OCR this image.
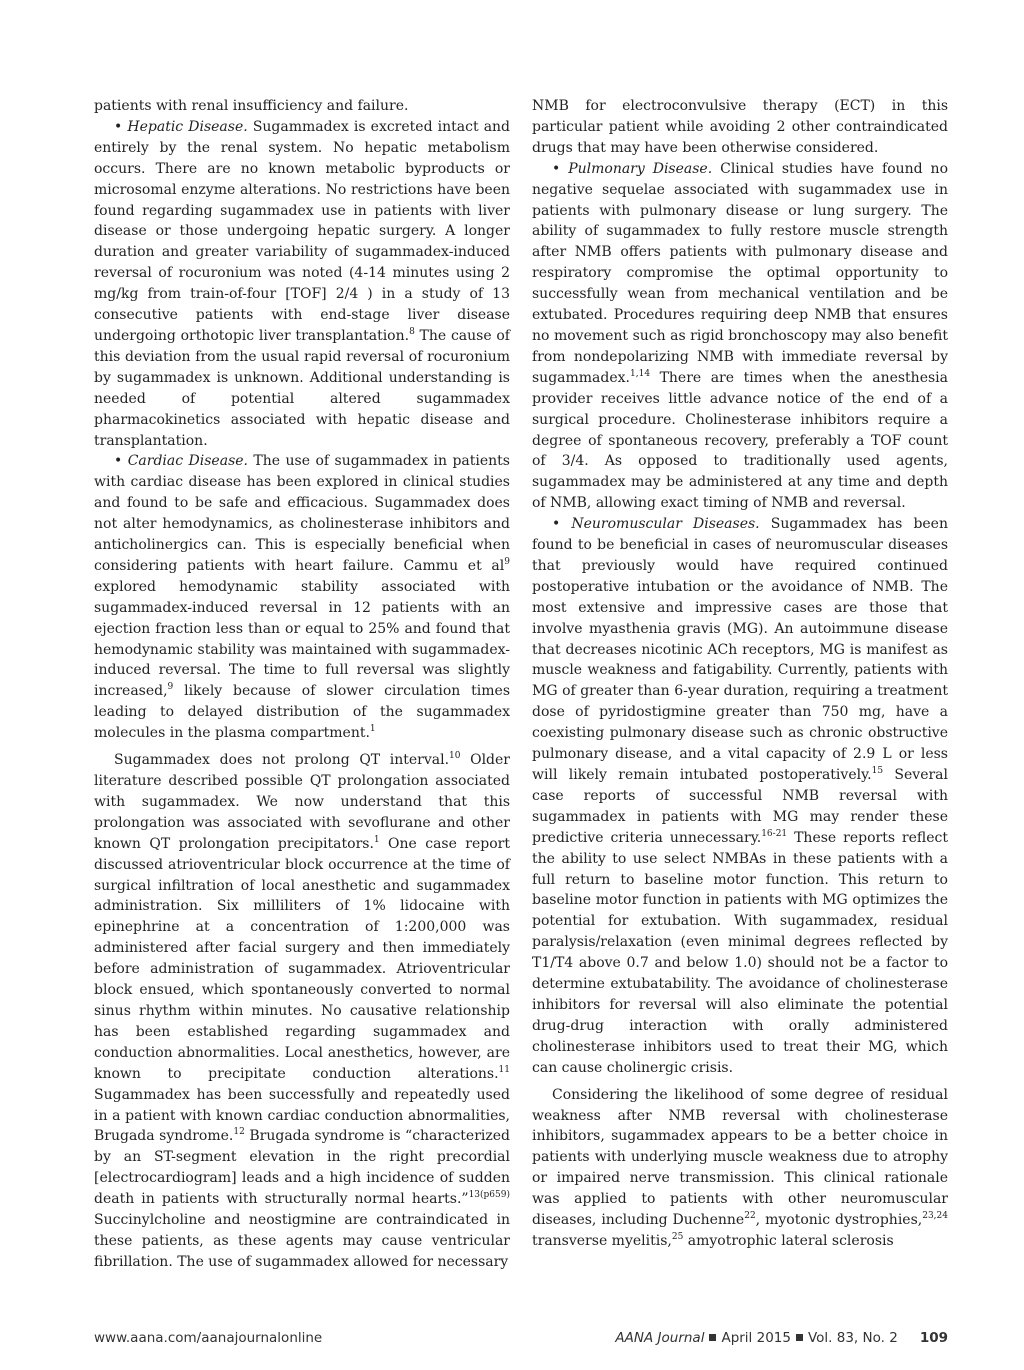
patients with renal insufficiency and failure.

• Hepatic Disease. Sugammadex is excreted intact and entirely by the renal system. No hepatic metabolism occurs. There are no known metabolic byproducts or microsomal enzyme alterations. No restrictions have been found regarding sugammadex use in patients with liver disease or those undergoing hepatic surgery. A longer duration and greater variability of sugammadex-induced reversal of rocuronium was noted (4-14 minutes using 2 mg/kg from train-of-four [TOF] 2/4 ) in a study of 13 consecutive patients with end-stage liver disease undergoing orthotopic liver transplantation.$^8$ The cause of this deviation from the usual rapid reversal of rocuronium by sugammadex is unknown. Additional understanding is needed of potential altered sugammadex pharmacokinetics associated with hepatic disease and transplantation.

• Cardiac Disease. The use of sugammadex in patients with cardiac disease has been explored in clinical studies and found to be safe and efficacious. Sugammadex does not alter hemodynamics, as cholinesterase inhibitors and anticholinergics can. This is especially beneficial when considering patients with heart failure. Cammu et $al^9$ explored hemodynamic stability associated with sugammadex-induced reversal in 12 patients with an ejection fraction less than or equal to 25% and found that hemodynamic stability was maintained with sugammadex-induced reversal. The time to full reversal was slightly increased,$^9$ likely because of slower circulation times leading to delayed distribution of the sugammadex molecules in the plasma compartment.$^1$

Sugammadex does not prolong QT interval.$^{10}$ Older literature described possible QT prolongation associated with sugammadex. We now understand that this prolongation was associated with sevoflurane and other known QT prolongation precipitators.$^1$ One case report discussed atrioventricular block occurrence at the time of surgical infiltration of local anesthetic and sugammadex administration. Six milliliters of 1% lidocaine with epinephrine at a concentration of 1:200,000 was administered after facial surgery and then immediately before administration of sugammadex. Atrioventricular block ensued, which spontaneously converted to normal sinus rhythm within minutes. No causative relationship has been established regarding sugammadex and conduction abnormalities. Local anesthetics, however, are known to precipitate conduction alterations.$^{11}$ Sugammadex has been successfully and repeatedly used in a patient with known cardiac conduction abnormalities, Brugada syndrome.$^{12}$ Brugada syndrome is “characterized by an ST-segment elevation in the right precordial [electrocardiogram] leads and a high incidence of sudden death in patients with structurally normal hearts.”$^{13(p659)}$ Succinylcholine and neostigmine are contraindicated in these patients, as these agents may cause ventricular fibrillation. The use of sugammadex allowed for necessary

NMB for electroconvulsive therapy (ECT) in this particular patient while avoiding 2 other contraindicated drugs that may have been otherwise considered.

• Pulmonary Disease. Clinical studies have found no negative sequelae associated with sugammadex use in patients with pulmonary disease or lung surgery. The ability of sugammadex to fully restore muscle strength after NMB offers patients with pulmonary disease and respiratory compromise the optimal opportunity to successfully wean from mechanical ventilation and be extubated. Procedures requiring deep NMB that ensures no movement such as rigid bronchoscopy may also benefit from nondepolarizing NMB with immediate reversal by sugammadex.$^{1,14}$ There are times when the anesthesia provider receives little advance notice of the end of a surgical procedure. Cholinesterase inhibitors require a degree of spontaneous recovery, preferably a TOF count of 3/4. As opposed to traditionally used agents, sugammadex may be administered at any time and depth of NMB, allowing exact timing of NMB and reversal.

• Neuromuscular Diseases. Sugammadex has been found to be beneficial in cases of neuromuscular diseases that previously would have required continued postoperative intubation or the avoidance of NMB. The most extensive and impressive cases are those that involve myasthenia gravis (MG). An autoimmune disease that decreases nicotinic ACh receptors, MG is manifest as muscle weakness and fatigability. Currently, patients with MG of greater than 6-year duration, requiring a treatment dose of pyridostigmine greater than 750 mg, have a coexisting pulmonary disease such as chronic obstructive pulmonary disease, and a vital capacity of 2.9 L or less will likely remain intubated postoperatively.$^{15}$ Several case reports of successful NMB reversal with sugammadex in patients with MG may render these predictive criteria unnecessary.$^{16-21}$ These reports reflect the ability to use select NMBAs in these patients with a full return to baseline motor function. This return to baseline motor function in patients with MG optimizes the potential for extubation. With sugammadex, residual paralysis/relaxation (even minimal degrees reflected by T1/T4 above 0.7 and below 1.0) should not be a factor to determine extubatability. The avoidance of cholinesterase inhibitors for reversal will also eliminate the potential drug-drug interaction with orally administered cholinesterase inhibitors used to treat their MG, which can cause cholinergic crisis.

Considering the likelihood of some degree of residual weakness after NMB reversal with cholinesterase inhibitors, sugammadex appears to be a better choice in patients with underlying muscle weakness due to atrophy or impaired nerve transmission. This clinical rationale was applied to patients with other neuromuscular diseases, including Duchenne$^{22}$, myotonic dystrophies,$^{23,24}$ transverse myelitis,$^{25}$ amyotrophic lateral sclerosis

www.aana.com/aanajournalonline	AANA Journal April 2015 Vol. 83, No. 2 109
